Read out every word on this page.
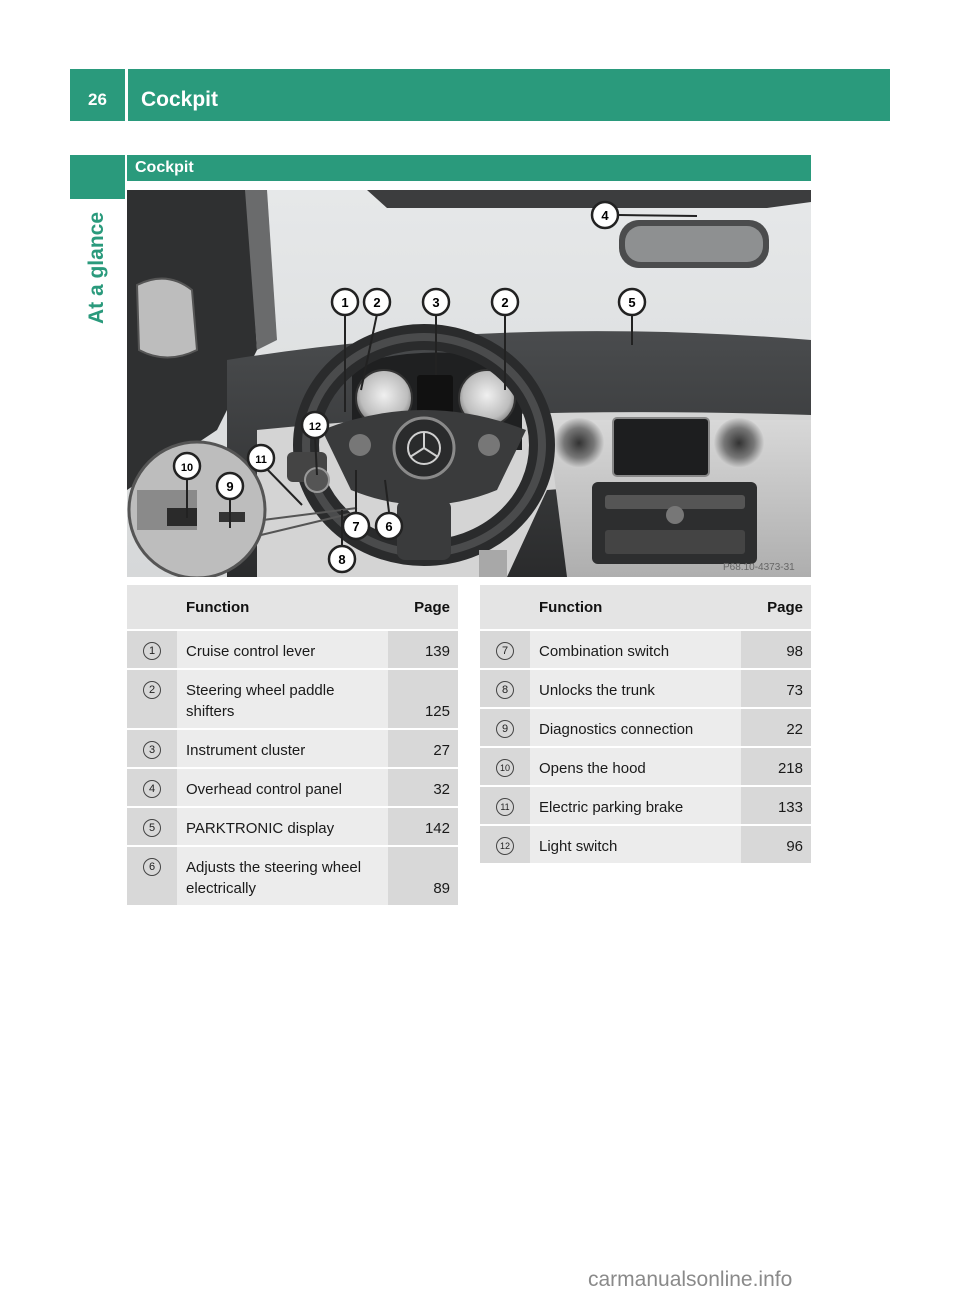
26	Cockpit
At a glance
Cockpit
1 2	3	2	5
4
12
11
10
9
7 6
8
P68.10-4373-31
	Function	Page
1	Cruise control lever	139
2	Steering wheel paddle shifters	125
3	Instrument cluster	27
4	Overhead control panel	32
5	PARKTRONIC display	142
6	Adjusts the steering wheel electrically	89
	Function	Page
7	Combination switch	98
8	Unlocks the trunk	73
9	Diagnostics connection	22
10	Opens the hood	218
11	Electric parking brake	133
12	Light switch	96
carmanualsonline.info
